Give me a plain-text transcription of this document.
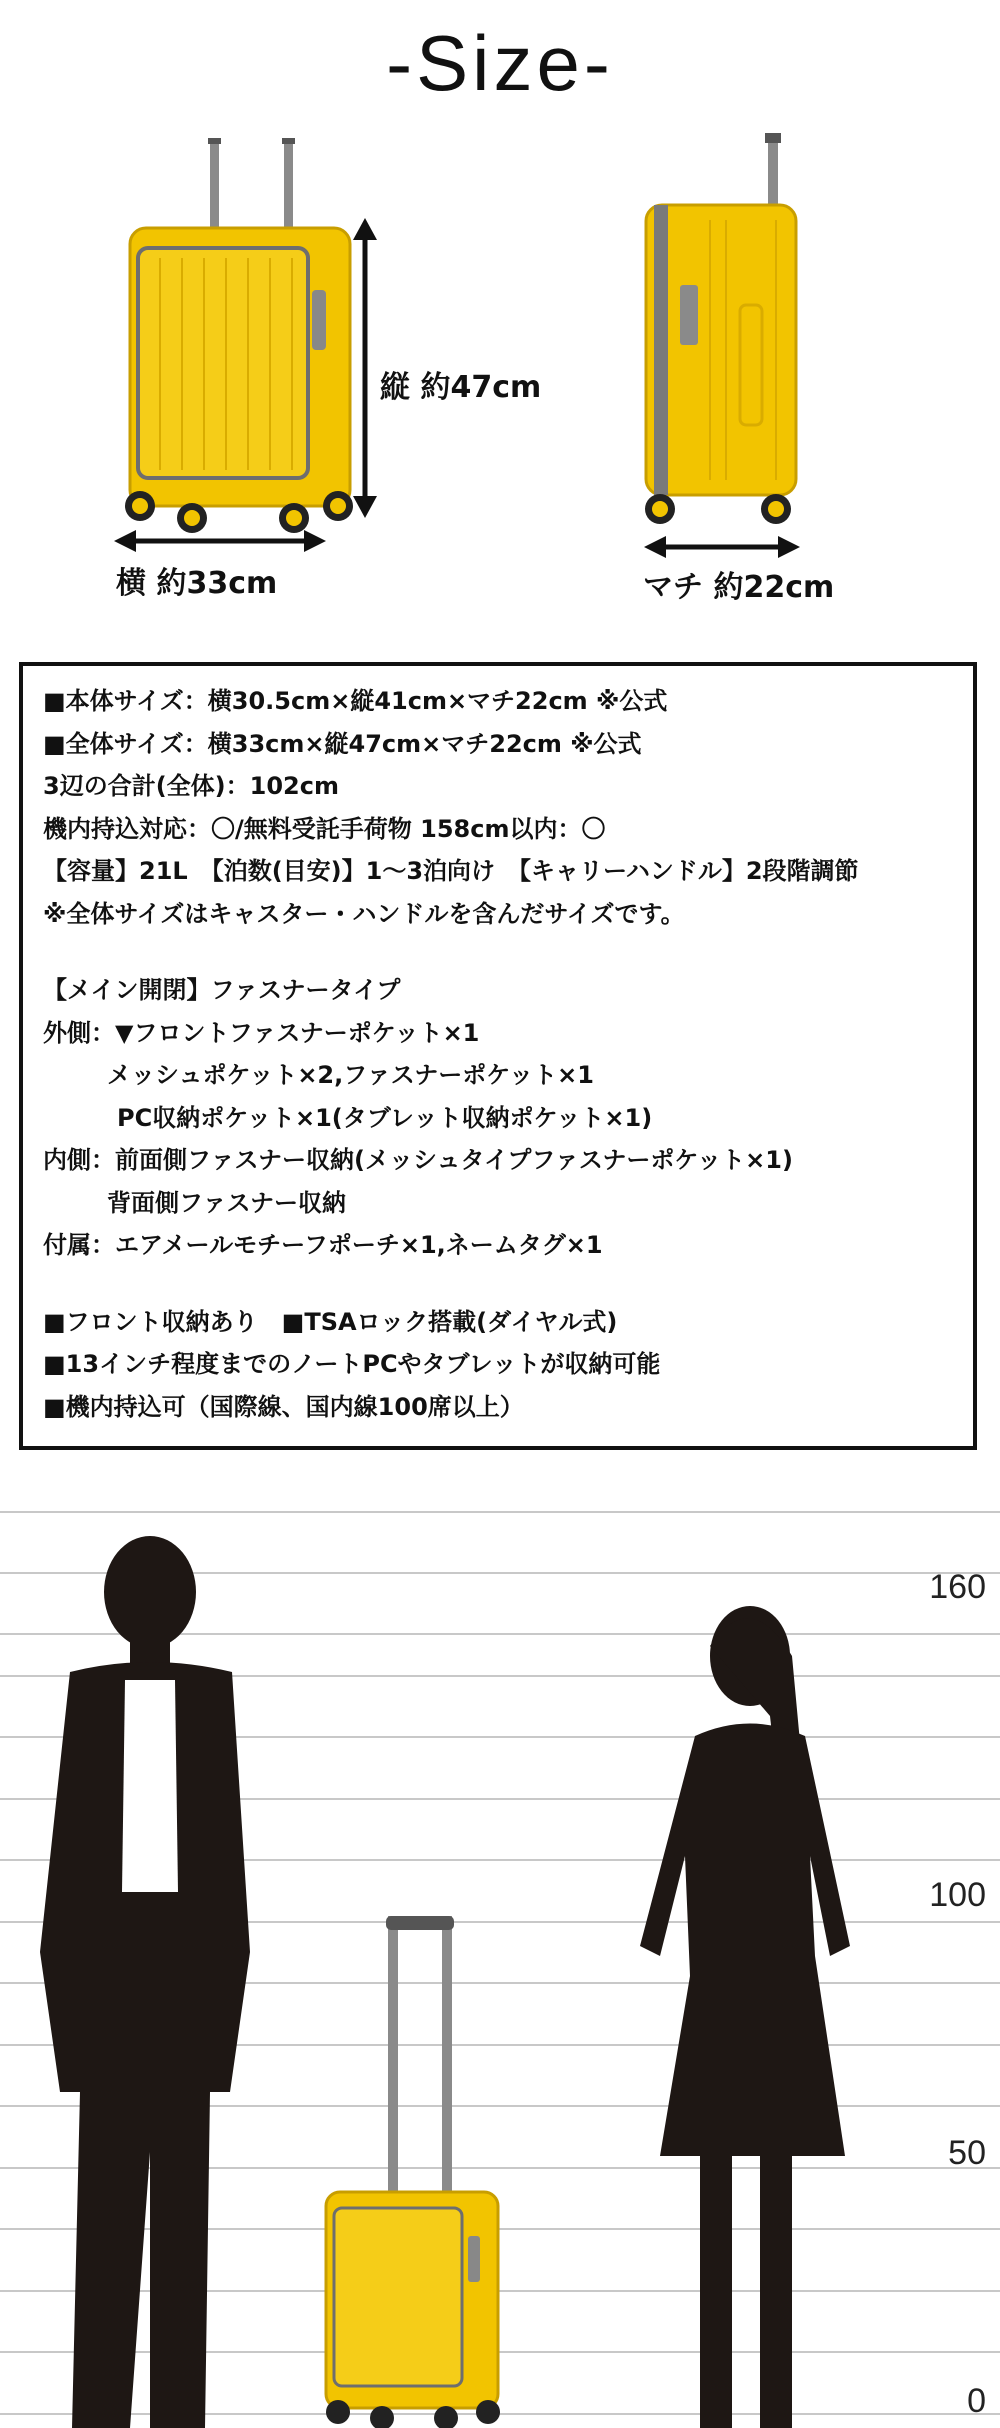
-Size-
縦 約47cm
横 約33cm	マチ 約22cm
■本体サイズ：横30.5cm×縦41cm×マチ22cm ※公式
■全体サイズ：横33cm×縦47cm×マチ22cm ※公式
3辺の合計(全体)：102cm
機内持込対応：〇/無料受託手荷物 158cm以内：〇
【容量】21L　【泊数(目安)】1〜3泊向け　【キャリーハンドル】2段階調節
※全体サイズはキャスター・ハンドルを含んだサイズです。
【メイン開閉】ファスナータイプ
外側：▼フロントファスナーポケット×1
メッシュポケット×2,ファスナーポケット×1
PC収納ポケット×1(タブレット収納ポケット×1)
内側：前面側ファスナー収納(メッシュタイプファスナーポケット×1)
背面側ファスナー収納
付属：エアメールモチーフポーチ×1,ネームタグ×1
■フロント収納あり　■TSAロック搭載(ダイヤル式)
■13インチ程度までのノートPCやタブレットが収納可能
■機内持込可（国際線、国内線100席以上）
160
100
50
0
